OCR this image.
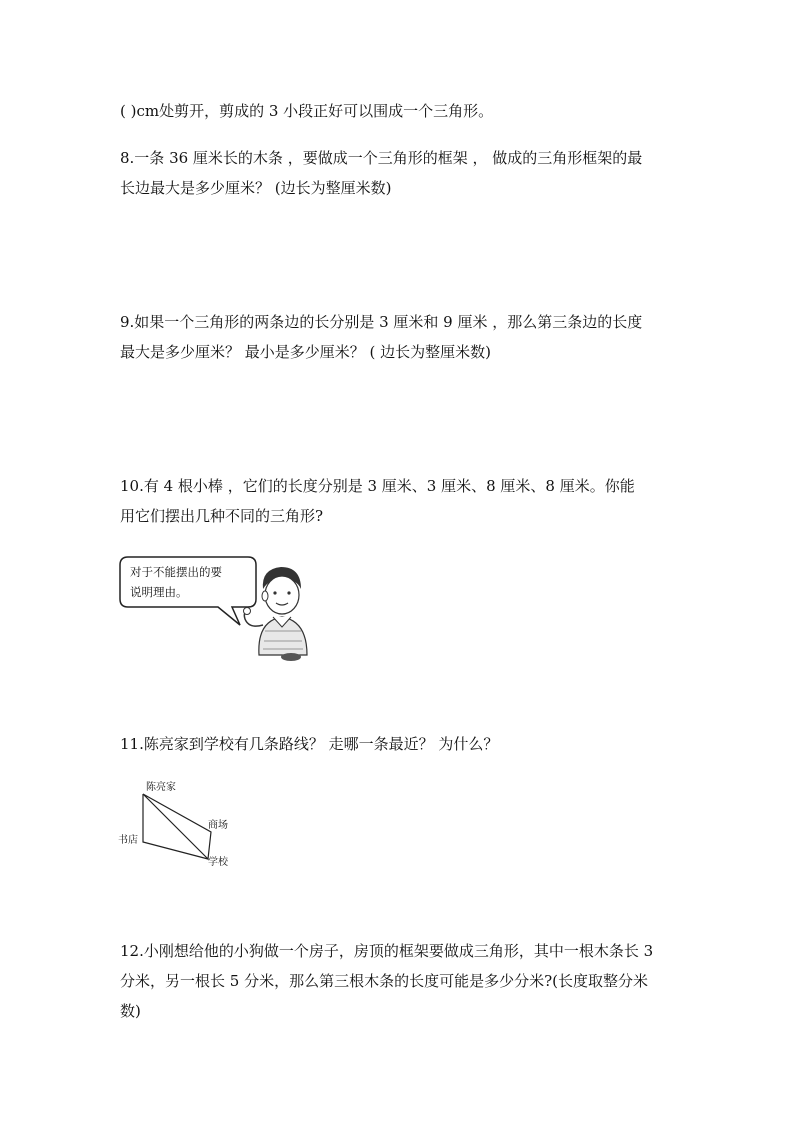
( )cm处剪开，剪成的 3 小段正好可以围成一个三角形。

8.一条 36 厘米长的木条 ，要做成一个三角形的框架 ， 做成的三角形框架的最

长边最大是多少厘米？ (边长为整厘米数)

9.如果一个三角形的两条边的长分别是 3 厘米和 9 厘米 ，那么第三条边的长度

最大是多少厘米？ 最小是多少厘米？ ( 边长为整厘米数)

10.有 4 根小棒 ，它们的长度分别是 3 厘米、3 厘米、8 厘米、8 厘米。你能

用它们摆出几种不同的三角形?

对于不能摆出的要
说明理由。

11.陈亮家到学校有几条路线？ 走哪一条最近？ 为什么？

陈亮家
商场
书店
学校

12.小刚想给他的小狗做一个房子，房顶的框架要做成三角形，其中一根木条长 3

分米，另一根长 5 分米，那么第三根木条的长度可能是多少分米?(长度取整分米

数)
